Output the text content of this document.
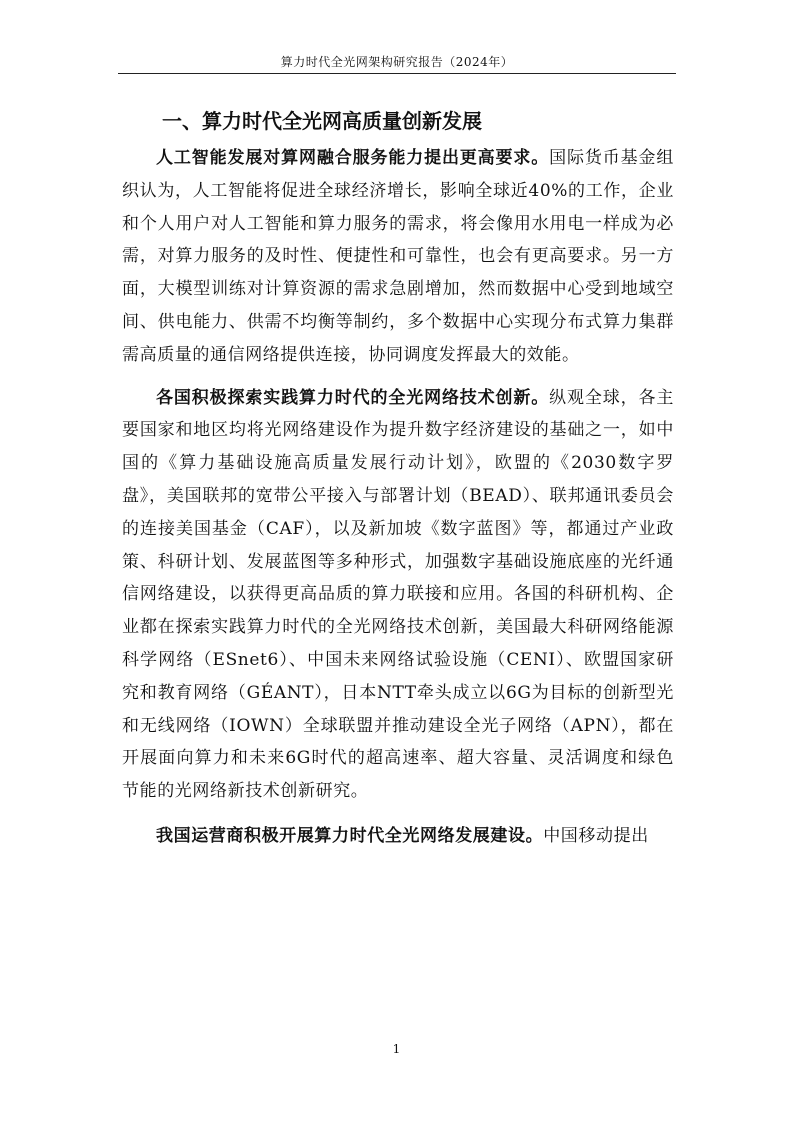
算力时代全光网架构研究报告（2024年）
一、算力时代全光网高质量创新发展

人工智能发展对算网融合服务能力提出更高要求。国际货币基金组织认为，人工智能将促进全球经济增长，影响全球近40%的工作，企业和个人用户对人工智能和算力服务的需求，将会像用水用电一样成为必需，对算力服务的及时性、便捷性和可靠性，也会有更高要求。另一方面，大模型训练对计算资源的需求急剧增加，然而数据中心受到地域空间、供电能力、供需不均衡等制约，多个数据中心实现分布式算力集群需高质量的通信网络提供连接，协同调度发挥最大的效能。

各国积极探索实践算力时代的全光网络技术创新。纵观全球，各主要国家和地区均将光网络建设作为提升数字经济建设的基础之一，如中国的《算力基础设施高质量发展行动计划》，欧盟的《2030数字罗盘》，美国联邦的宽带公平接入与部署计划（BEAD）、联邦通讯委员会的连接美国基金（CAF），以及新加坡《数字蓝图》等，都通过产业政策、科研计划、发展蓝图等多种形式，加强数字基础设施底座的光纤通信网络建设，以获得更高品质的算力联接和应用。各国的科研机构、企业都在探索实践算力时代的全光网络技术创新，美国最大科研网络能源科学网络（ESnet6）、中国未来网络试验设施（CENI）、欧盟国家研究和教育网络（GÉANT），日本NTT牵头成立以6G为目标的创新型光和无线网络（IOWN）全球联盟并推动建设全光子网络（APN），都在开展面向算力和未来6G时代的超高速率、超大容量、灵活调度和绿色节能的光网络新技术创新研究。

我国运营商积极开展算力时代全光网络发展建设。中国移动提出

1
